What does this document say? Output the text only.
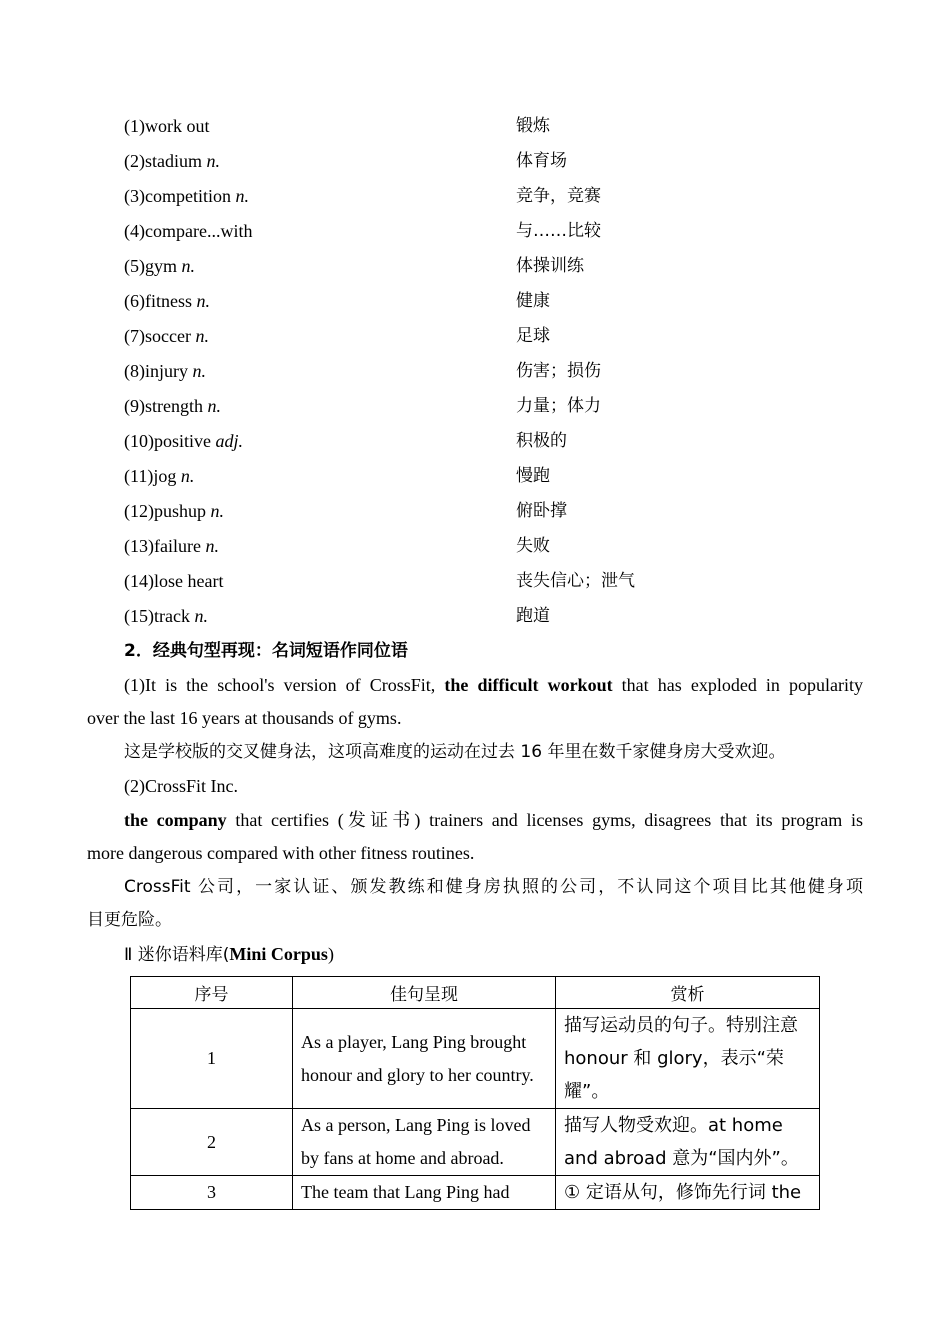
(1)work out	锻炼
(2)stadium n.	体育场
(3)competition n.	竞争，竞赛
(4)compare...with	与……比较
(5)gym n.	体操训练
(6)fitness n.	健康
(7)soccer n.	足球
(8)injury n.	伤害；损伤
(9)strength n.	力量；体力
(10)positive adj.	积极的
(11)jog n.	慢跑
(12)pushup n.	俯卧撑
(13)failure n.	失败
(14)lose heart	丧失信心；泄气
(15)track n.	跑道
2．经典句型再现：名词短语作同位语
(1)It is the school's version of CrossFit, the difficult workout that has exploded in popularity
over the last 16 years at thousands of gyms.
这是学校版的交叉健身法，这项高难度的运动在过去 16 年里在数千家健身房大受欢迎。
(2)CrossFit Inc.
the company that certifies (发证书) trainers and licenses gyms, disagrees that its program is
more dangerous compared with other fitness routines.
CrossFit 公司，一家认证、颁发教练和健身房执照的公司，不认同这个项目比其他健身项
目更危险。
Ⅱ 迷你语料库(Mini Corpus)
序号	佳句呈现	赏析
1	As a player, Lang Ping brought honour and glory to her country.	描写运动员的句子。特别注意 honour 和 glory，表示“荣耀”。
2	As a person, Lang Ping is loved by fans at home and abroad.	描写人物受欢迎。at home and abroad 意为“国内外”。
3	The team that Lang Ping had	① 定语从句，修饰先行词 the
